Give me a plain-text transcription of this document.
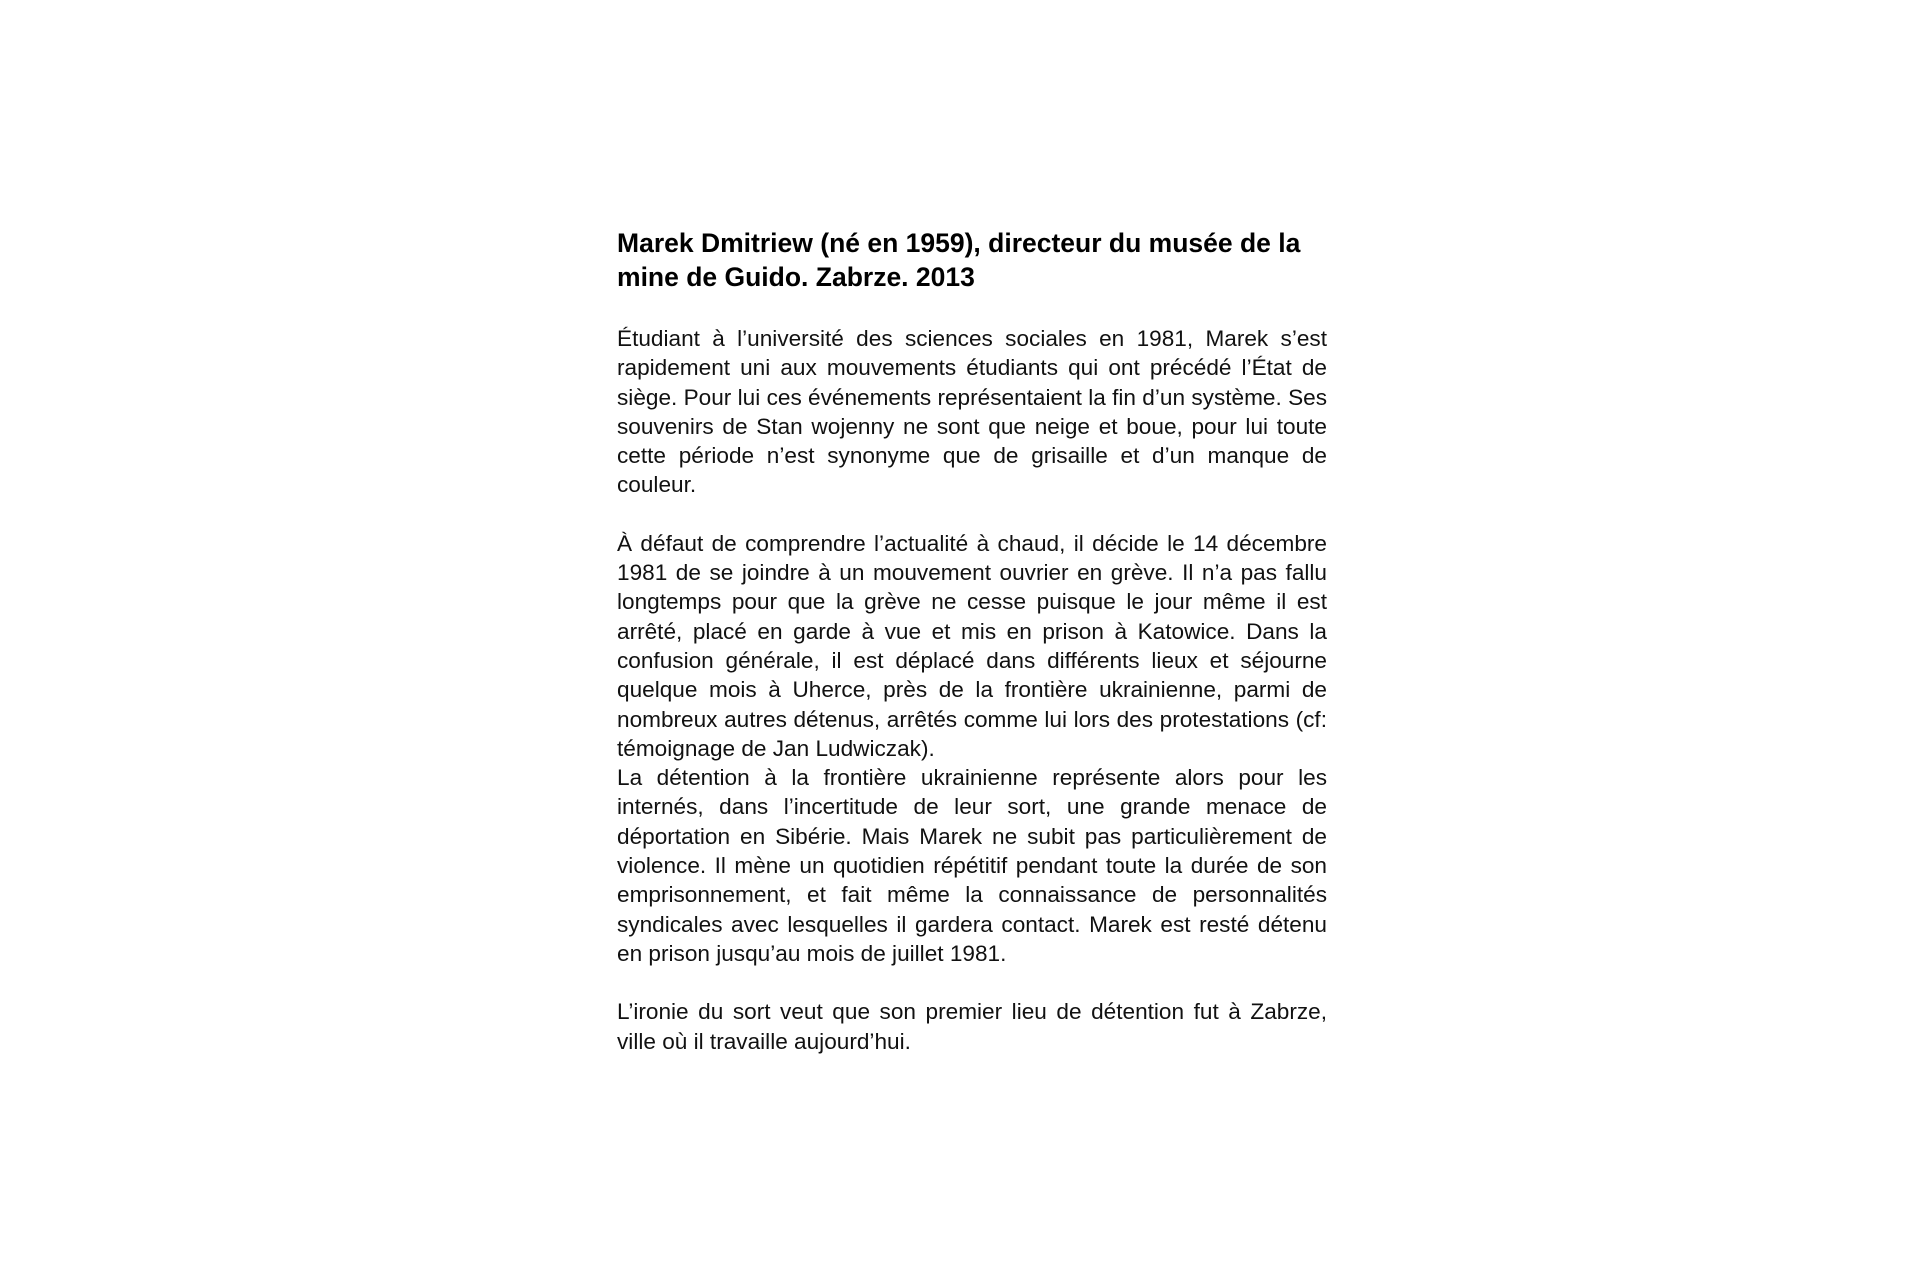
Marek Dmitriew (né en 1959), directeur du musée de la mine de Guido. Zabrze. 2013

Étudiant à l’université des sciences sociales en 1981, Marek s’est rapidement uni aux mouvements étudiants qui ont précédé l’État de siège. Pour lui ces événements représentaient la fin d’un système. Ses souvenirs de Stan wojenny ne sont que neige et boue, pour lui toute cette période n’est synonyme que de grisaille et d’un manque de couleur.

À défaut de comprendre l’actualité à chaud, il décide le 14 décembre 1981 de se joindre à un mouvement ouvrier en grève. Il n’a pas fallu longtemps pour que la grève ne cesse puisque le jour même il est arrêté, placé en garde à vue et mis en prison à Katowice. Dans la confusion générale, il est déplacé dans différents lieux et séjourne quelque mois à Uherce, près de la frontière ukrainienne, parmi de nombreux autres détenus, arrêtés comme lui lors des protestations (cf: témoignage de Jan Ludwiczak).

La détention à la frontière ukrainienne représente alors pour les internés, dans l’incertitude de leur sort, une grande menace de déportation en Sibérie. Mais Marek ne subit pas particulièrement de violence. Il mène un quotidien répétitif pendant toute la durée de son emprisonnement, et fait même la connaissance de personnalités syndicales avec lesquelles il gardera contact. Marek est resté détenu en prison jusqu’au mois de juillet 1981.

L’ironie du sort veut que son premier lieu de détention fut à Zabrze, ville où il travaille aujourd’hui.
